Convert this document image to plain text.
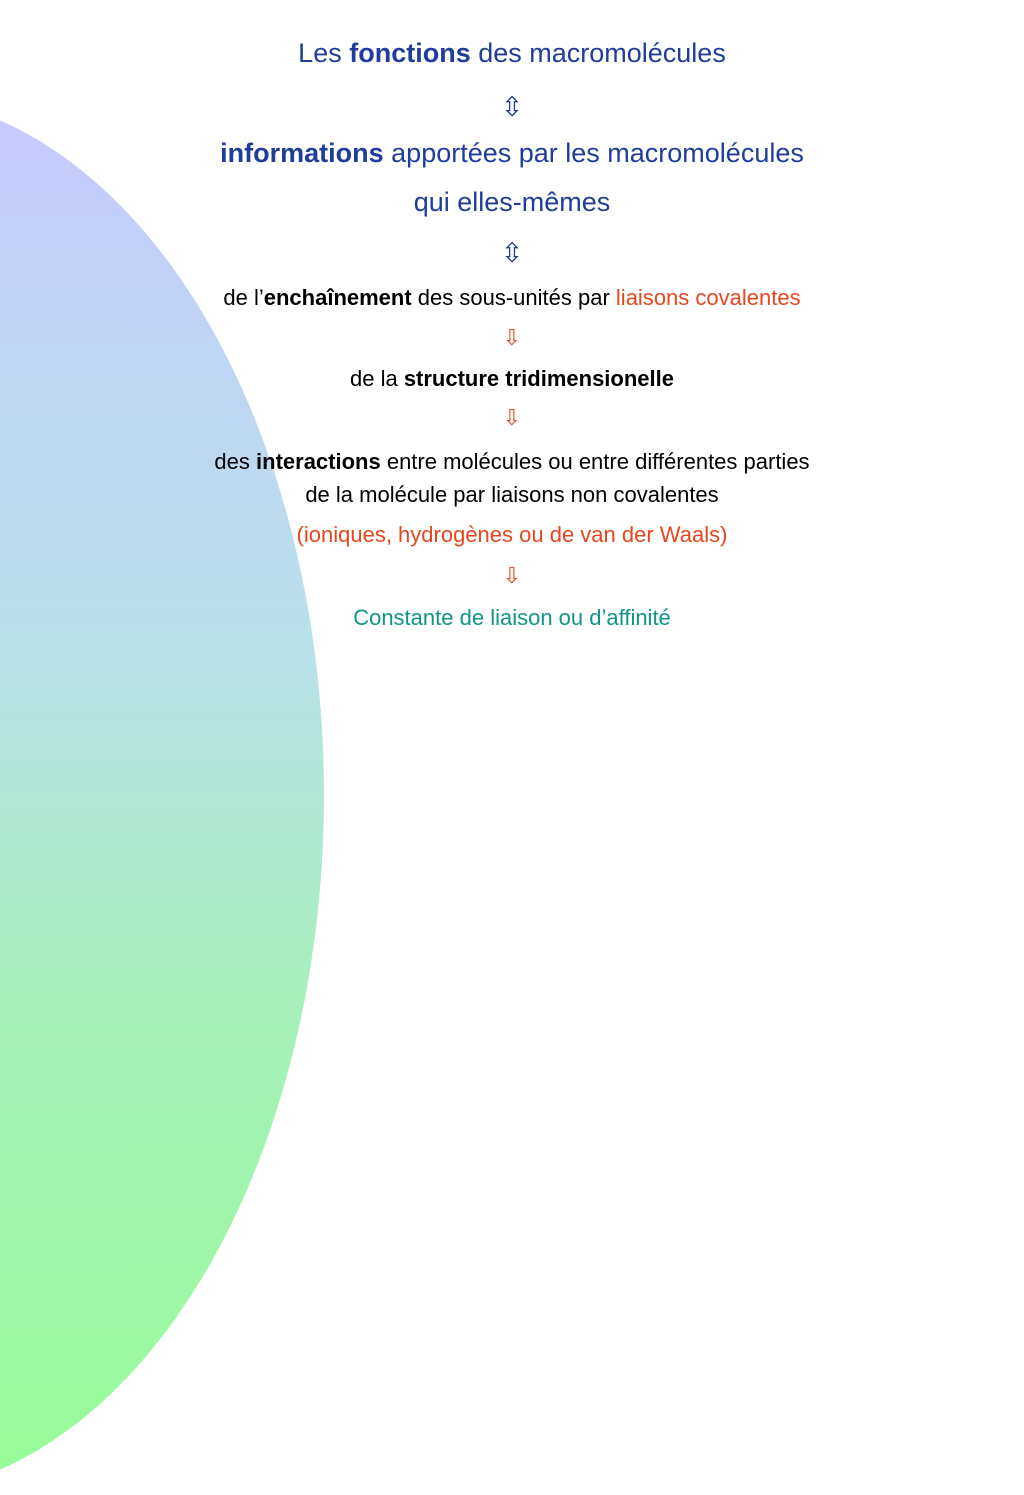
Les fonctions des macromolécules
⇳
informations apportées par les macromolécules
qui elles-mêmes
⇳
de l’enchaînement des sous-unités par liaisons covalentes
⇩
de la structure tridimensionelle
⇩
des interactions entre molécules ou entre différentes parties
de la molécule par liaisons non covalentes
(ioniques, hydrogènes ou de van der Waals)
⇩
Constante de liaison ou d’affinité
